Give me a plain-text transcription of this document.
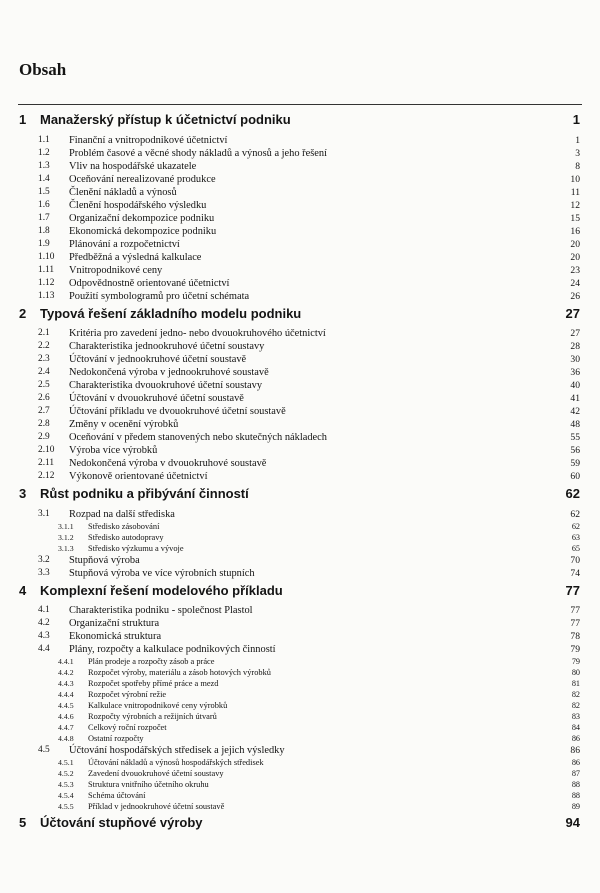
Obsah
1 Manažerský přístup k účetnictví podniku	1
1.1 Finanční a vnitropodnikové účetnictví	1
1.2 Problém časové a věcné shody nákladů a výnosů a jeho řešení	3
1.3 Vliv na hospodářské ukazatele	8
1.4 Oceňování nerealizované produkce	10
1.5 Členění nákladů a výnosů	11
1.6 Členění hospodářského výsledku	12
1.7 Organizační dekompozice podniku	15
1.8 Ekonomická dekompozice podniku	16
1.9 Plánování a rozpočetnictví	20
1.10 Předběžná a výsledná kalkulace	20
1.11 Vnitropodnikové ceny	23
1.12 Odpovědnostně orientované účetnictví	24
1.13 Použití symbologramů pro účetní schémata	26
2 Typová řešení základního modelu podniku	27
2.1 Kritéria pro zavedení jedno- nebo dvouokruhového účetnictví	27
2.2 Charakteristika jednookruhové účetní soustavy	28
2.3 Účtování v jednookruhové účetní soustavě	30
2.4 Nedokončená výroba v jednookruhové soustavě	36
2.5 Charakteristika dvouokruhové účetní soustavy	40
2.6 Účtování v dvouokruhové účetní soustavě	41
2.7 Účtování příkladu ve dvouokruhové účetní soustavě	42
2.8 Změny v ocenění výrobků	48
2.9 Oceňování v předem stanovených nebo skutečných nákladech	55
2.10 Výroba více výrobků	56
2.11 Nedokončená výroba v dvouokruhové soustavě	59
2.12 Výkonově orientované účetnictví	60
3 Růst podniku a přibývání činností	62
3.1 Rozpad na další střediska	62
3.1.1 Středisko zásobování	62
3.1.2 Středisko autodopravy	63
3.1.3 Středisko výzkumu a vývoje	65
3.2 Stupňová výroba	70
3.3 Stupňová výroba ve více výrobních stupních	74
4 Komplexní řešení modelového příkladu	77
4.1 Charakteristika podniku - společnost Plastol	77
4.2 Organizační struktura	77
4.3 Ekonomická struktura	78
4.4 Plány, rozpočty a kalkulace podnikových činností	79
4.4.1 Plán prodeje a rozpočty zásob a práce	79
4.4.2 Rozpočet výroby, materiálu a zásob hotových výrobků	80
4.4.3 Rozpočet spotřeby přímé práce a mezd	81
4.4.4 Rozpočet výrobní režie	82
4.4.5 Kalkulace vnitropodnikové ceny výrobků	82
4.4.6 Rozpočty výrobních a režijních útvarů	83
4.4.7 Celkový roční rozpočet	84
4.4.8 Ostatní rozpočty	86
4.5 Účtování hospodářských středisek a jejich výsledky	86
4.5.1 Účtování nákladů a výnosů hospodářských středisek	86
4.5.2 Zavedení dvouokruhové účetní soustavy	87
4.5.3 Struktura vnitřního účetního okruhu	88
4.5.4 Schéma účtování	88
4.5.5 Příklad v jednookruhové účetní soustavě	89
5 Účtování stupňové výroby	94
